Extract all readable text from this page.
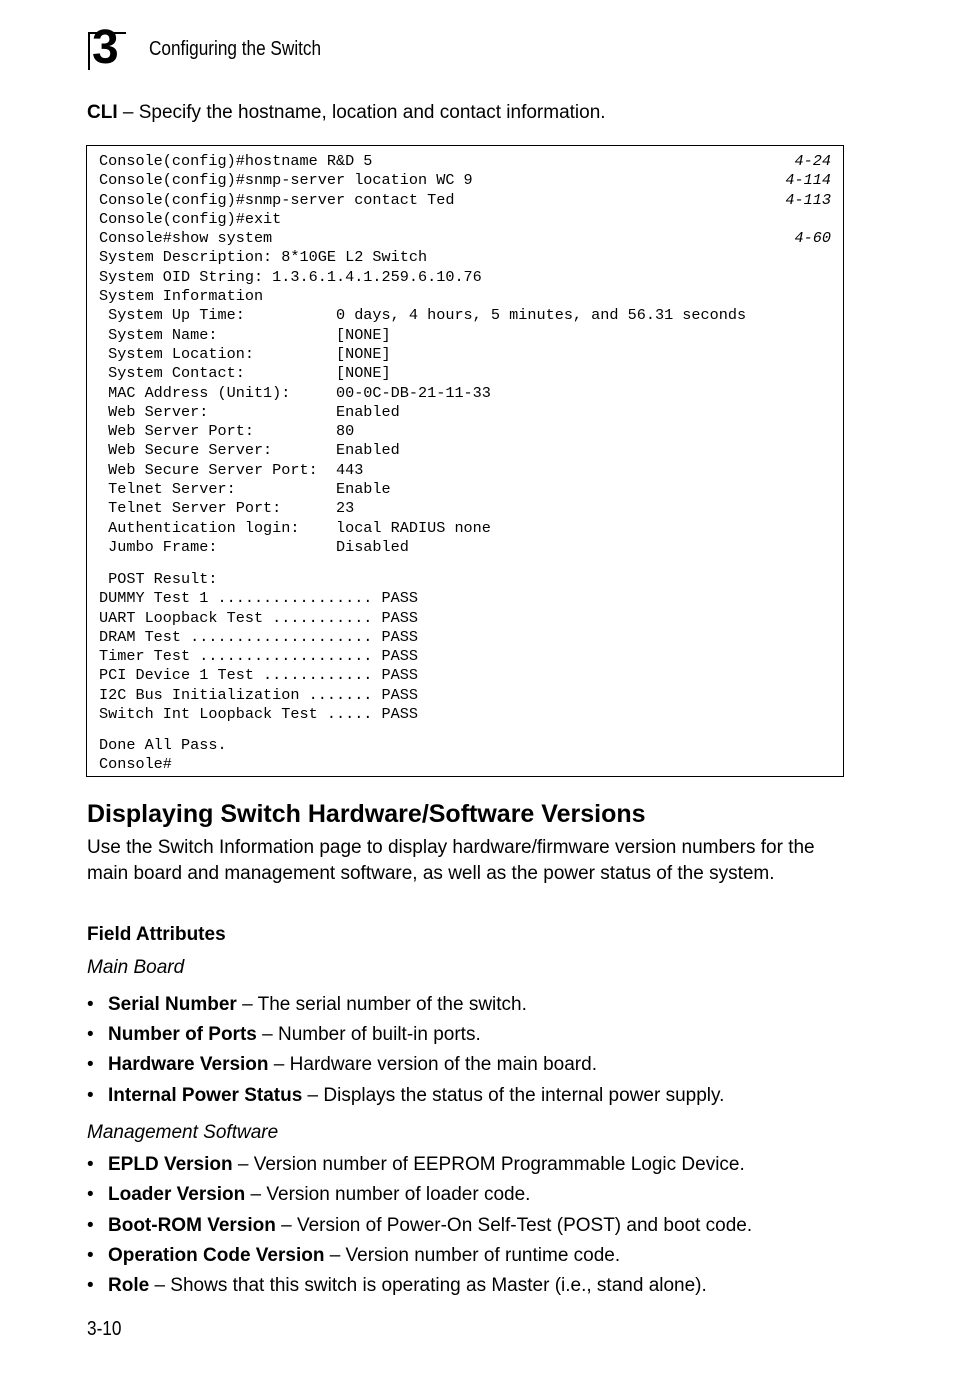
3 Configuring the Switch
CLI – Specify the hostname, location and contact information.
Console(config)#hostname R&D 5
Console(config)#snmp-server location WC 9
Console(config)#snmp-server contact Ted
Console(config)#exit
Console#show system
System Description: 8*10GE L2 Switch
System OID String: 1.3.6.1.4.1.259.6.10.76
System Information
System Up Time:          0 days, 4 hours, 5 minutes, and 56.31 seconds
System Name:             [NONE]
System Location:         [NONE]
System Contact:          [NONE]
MAC Address (Unit1):     00-0C-DB-21-11-33
Web Server:              Enabled
Web Server Port:         80
Web Secure Server:       Enabled
Web Secure Server Port:  443
Telnet Server:           Enable
Telnet Server Port:      23
Authentication login:    local RADIUS none
Jumbo Frame:             Disabled
POST Result:
DUMMY Test 1 ................. PASS
UART Loopback Test ........... PASS
DRAM Test .................... PASS
Timer Test ................... PASS
PCI Device 1 Test ............ PASS
I2C Bus Initialization ....... PASS
Switch Int Loopback Test ..... PASS
Done All Pass.
Console#
4-24
4-114
4-113
4-60
Displaying Switch Hardware/Software Versions
Use the Switch Information page to display hardware/firmware version numbers for the main board and management software, as well as the power status of the system.
Field Attributes
Main Board
• Serial Number – The serial number of the switch.
• Number of Ports – Number of built-in ports.
• Hardware Version – Hardware version of the main board.
• Internal Power Status – Displays the status of the internal power supply.
Management Software
• EPLD Version – Version number of EEPROM Programmable Logic Device.
• Loader Version – Version number of loader code.
• Boot-ROM Version – Version of Power-On Self-Test (POST) and boot code.
• Operation Code Version – Version number of runtime code.
• Role – Shows that this switch is operating as Master (i.e., stand alone).
3-10
